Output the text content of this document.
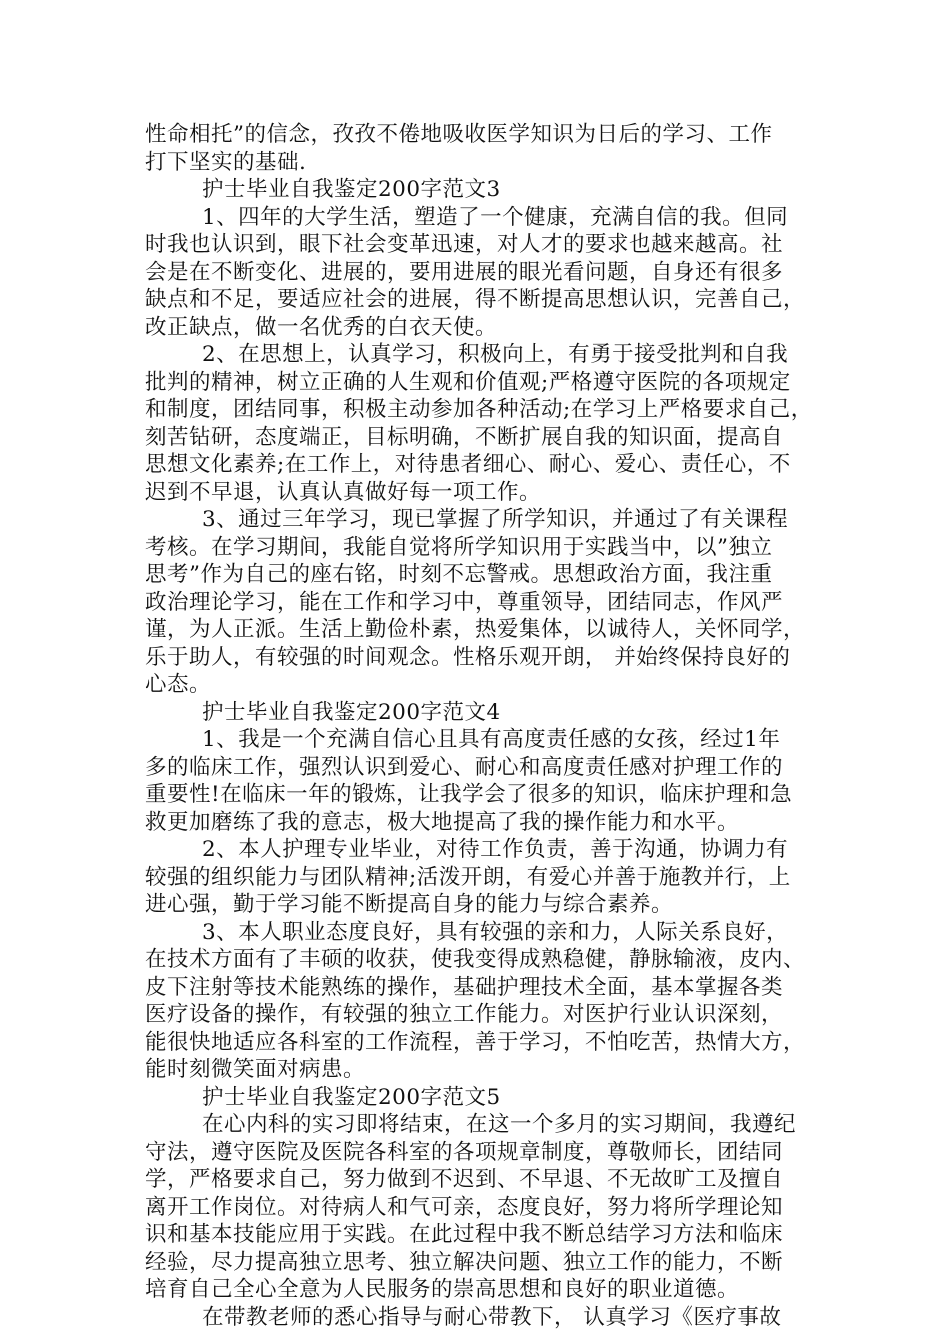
性命相托”的信念，孜孜不倦地吸收医学知识为日后的学习、工作
打下坚实的基础.
护士毕业自我鉴定200字范文3
1、四年的大学生活，塑造了一个健康，充满自信的我。但同
时我也认识到，眼下社会变革迅速，对人才的要求也越来越高。社
会是在不断变化、进展的，要用进展的眼光看问题，自身还有很多
缺点和不足，要适应社会的进展，得不断提高思想认识，完善自己，
改正缺点，做一名优秀的白衣天使。
2、在思想上，认真学习，积极向上，有勇于接受批判和自我
批判的精神，树立正确的人生观和价值观;严格遵守医院的各项规定
和制度，团结同事，积极主动参加各种活动;在学习上严格要求自己，
刻苦钻研，态度端正，目标明确，不断扩展自我的知识面，提高自
思想文化素养;在工作上，对待患者细心、耐心、爱心、责任心，不
迟到不早退，认真认真做好每一项工作。
3、通过三年学习，现已掌握了所学知识，并通过了有关课程
考核。在学习期间，我能自觉将所学知识用于实践当中，以”独立
思考”作为自己的座右铭，时刻不忘警戒。思想政治方面，我注重
政治理论学习，能在工作和学习中，尊重领导，团结同志，作风严
谨，为人正派。生活上勤俭朴素，热爱集体，以诚待人，关怀同学，
乐于助人，有较强的时间观念。性格乐观开朗， 并始终保持良好的
心态。
护士毕业自我鉴定200字范文4
1、我是一个充满自信心且具有高度责任感的女孩，经过1年
多的临床工作，强烈认识到爱心、耐心和高度责任感对护理工作的
重要性!在临床一年的锻炼，让我学会了很多的知识，临床护理和急
救更加磨练了我的意志，极大地提高了我的操作能力和水平。
2、本人护理专业毕业，对待工作负责，善于沟通，协调力有
较强的组织能力与团队精神;活泼开朗，有爱心并善于施教并行，上
进心强，勤于学习能不断提高自身的能力与综合素养。
3、本人职业态度良好，具有较强的亲和力，人际关系良好，
在技术方面有了丰硕的收获，使我变得成熟稳健，静脉输液，皮内、
皮下注射等技术能熟练的操作，基础护理技术全面，基本掌握各类
医疗设备的操作，有较强的独立工作能力。对医护行业认识深刻，
能很快地适应各科室的工作流程，善于学习，不怕吃苦，热情大方，
能时刻微笑面对病患。
护士毕业自我鉴定200字范文5
在心内科的实习即将结束，在这一个多月的实习期间，我遵纪
守法，遵守医院及医院各科室的各项规章制度，尊敬师长，团结同
学，严格要求自己，努力做到不迟到、不早退、不无故旷工及擅自
离开工作岗位。对待病人和气可亲，态度良好，努力将所学理论知
识和基本技能应用于实践。在此过程中我不断总结学习方法和临床
经验，尽力提高独立思考、独立解决问题、独立工作的能力，不断
培育自己全心全意为人民服务的崇高思想和良好的职业道德。
在带教老师的悉心指导与耐心带教下， 认真学习《医疗事故
